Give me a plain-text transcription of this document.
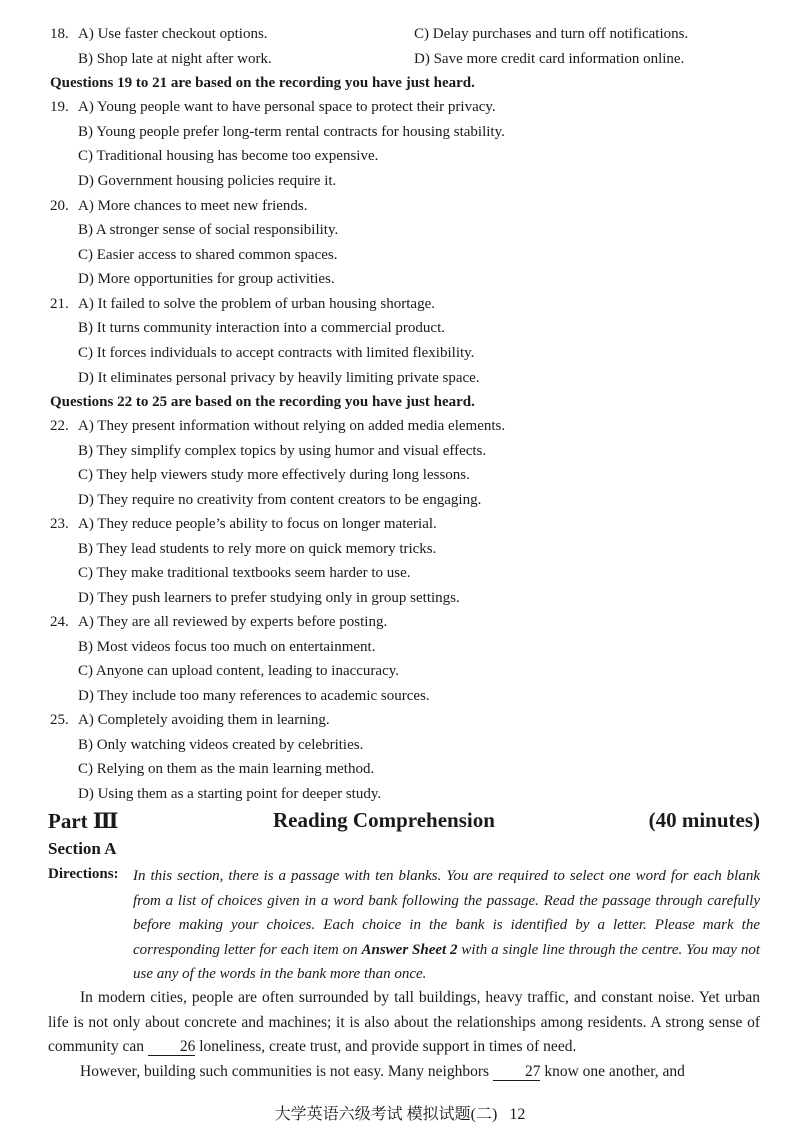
18. A) Use faster checkout options.	C) Delay purchases and turn off notifications.
B) Shop late at night after work.	D) Save more credit card information online.
Questions 19 to 21 are based on the recording you have just heard.
19. A) Young people want to have personal space to protect their privacy.
B) Young people prefer long-term rental contracts for housing stability.
C) Traditional housing has become too expensive.
D) Government housing policies require it.
20. A) More chances to meet new friends.
B) A stronger sense of social responsibility.
C) Easier access to shared common spaces.
D) More opportunities for group activities.
21. A) It failed to solve the problem of urban housing shortage.
B) It turns community interaction into a commercial product.
C) It forces individuals to accept contracts with limited flexibility.
D) It eliminates personal privacy by heavily limiting private space.
Questions 22 to 25 are based on the recording you have just heard.
22. A) They present information without relying on added media elements.
B) They simplify complex topics by using humor and visual effects.
C) They help viewers study more effectively during long lessons.
D) They require no creativity from content creators to be engaging.
23. A) They reduce people’s ability to focus on longer material.
B) They lead students to rely more on quick memory tricks.
C) They make traditional textbooks seem harder to use.
D) They push learners to prefer studying only in group settings.
24. A) They are all reviewed by experts before posting.
B) Most videos focus too much on entertainment.
C) Anyone can upload content, leading to inaccuracy.
D) They include too many references to academic sources.
25. A) Completely avoiding them in learning.
B) Only watching videos created by celebrities.
C) Relying on them as the main learning method.
D) Using them as a starting point for deeper study.
Part Ⅲ	Reading Comprehension	(40 minutes)
Section A
Directions: In this section, there is a passage with ten blanks. You are required to select one word for each blank from a list of choices given in a word bank following the passage. Read the passage through carefully before making your choices. Each choice in the bank is identified by a letter. Please mark the corresponding letter for each item on Answer Sheet 2 with a single line through the centre. You may not use any of the words in the bank more than once.
In modern cities, people are often surrounded by tall buildings, heavy traffic, and constant noise. Yet urban life is not only about concrete and machines; it is also about the relationships among residents. A strong sense of community can 26 loneliness, create trust, and provide support in times of need.
However, building such communities is not easy. Many neighbors 27 know one another, and
大学英语六级考试 模拟试题(二) 12
